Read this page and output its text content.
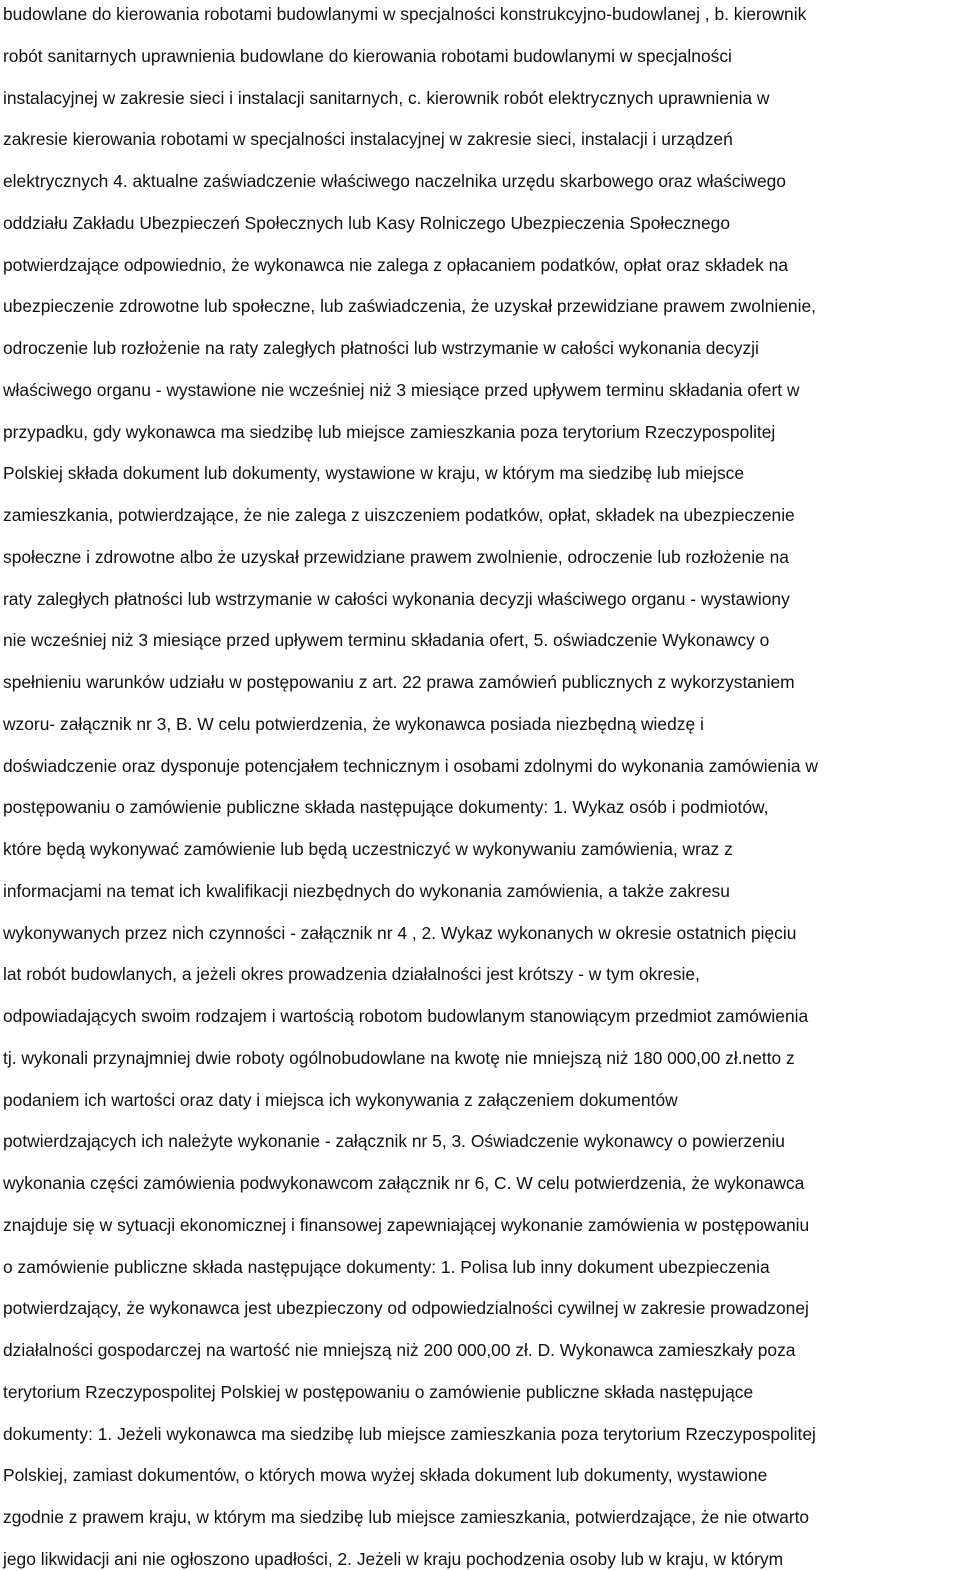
budowlane do kierowania robotami budowlanymi w specjalności konstrukcyjno-budowlanej , b. kierownik
robót sanitarnych uprawnienia budowlane do kierowania robotami budowlanymi w specjalności
instalacyjnej w zakresie sieci i instalacji sanitarnych, c. kierownik robót elektrycznych uprawnienia w
zakresie kierowania robotami w specjalności instalacyjnej w zakresie sieci, instalacji i urządzeń
elektrycznych 4. aktualne zaświadczenie właściwego naczelnika urzędu skarbowego oraz właściwego
oddziału Zakładu Ubezpieczeń Społecznych lub Kasy Rolniczego Ubezpieczenia Społecznego
potwierdzające odpowiednio, że wykonawca nie zalega z opłacaniem podatków, opłat oraz składek na
ubezpieczenie zdrowotne lub społeczne, lub zaświadczenia, że uzyskał przewidziane prawem zwolnienie,
odroczenie lub rozłożenie na raty zaległych płatności lub wstrzymanie w całości wykonania decyzji
właściwego organu - wystawione nie wcześniej niż 3 miesiące przed upływem terminu składania ofert w
przypadku, gdy wykonawca ma siedzibę lub miejsce zamieszkania poza terytorium Rzeczypospolitej
Polskiej składa dokument lub dokumenty, wystawione w kraju, w którym ma siedzibę lub miejsce
zamieszkania, potwierdzające, że nie zalega z uiszczeniem podatków, opłat, składek na ubezpieczenie
społeczne i zdrowotne albo że uzyskał przewidziane prawem zwolnienie, odroczenie lub rozłożenie na
raty zaległych płatności lub wstrzymanie w całości wykonania decyzji właściwego organu - wystawiony
nie wcześniej niż 3 miesiące przed upływem terminu składania ofert, 5. oświadczenie Wykonawcy o
spełnieniu warunków udziału w postępowaniu z art. 22 prawa zamówień publicznych z wykorzystaniem
wzoru- załącznik nr 3, B. W celu potwierdzenia, że wykonawca posiada niezbędną wiedzę i
doświadczenie oraz dysponuje potencjałem technicznym i osobami zdolnymi do wykonania zamówienia w
postępowaniu o zamówienie publiczne składa następujące dokumenty: 1. Wykaz osób i podmiotów,
które będą wykonywać zamówienie lub będą uczestniczyć w wykonywaniu zamówienia, wraz z
informacjami na temat ich kwalifikacji niezbędnych do wykonania zamówienia, a także zakresu
wykonywanych przez nich czynności - załącznik nr 4 , 2. Wykaz wykonanych w okresie ostatnich pięciu
lat robót budowlanych, a jeżeli okres prowadzenia działalności jest krótszy - w tym okresie,
odpowiadających swoim rodzajem i wartością robotom budowlanym stanowiącym przedmiot zamówienia
tj. wykonali przynajmniej dwie roboty ogólnobudowlane na kwotę nie mniejszą niż 180 000,00 zł.netto z
podaniem ich wartości oraz daty i miejsca ich wykonywania z załączeniem dokumentów
potwierdzających ich należyte wykonanie - załącznik nr 5, 3. Oświadczenie wykonawcy o powierzeniu
wykonania części zamówienia podwykonawcom załącznik nr 6, C. W celu potwierdzenia, że wykonawca
znajduje się w sytuacji ekonomicznej i finansowej zapewniającej wykonanie zamówienia w postępowaniu
o zamówienie publiczne składa następujące dokumenty: 1. Polisa lub inny dokument ubezpieczenia
potwierdzający, że wykonawca jest ubezpieczony od odpowiedzialności cywilnej w zakresie prowadzonej
działalności gospodarczej na wartość nie mniejszą niż 200 000,00 zł. D. Wykonawca zamieszkały poza
terytorium Rzeczypospolitej Polskiej w postępowaniu o zamówienie publiczne składa następujące
dokumenty: 1. Jeżeli wykonawca ma siedzibę lub miejsce zamieszkania poza terytorium Rzeczypospolitej
Polskiej, zamiast dokumentów, o których mowa wyżej składa dokument lub dokumenty, wystawione
zgodnie z prawem kraju, w którym ma siedzibę lub miejsce zamieszkania, potwierdzające, że nie otwarto
jego likwidacji ani nie ogłoszono upadłości, 2. Jeżeli w kraju pochodzenia osoby lub w kraju, w którym
